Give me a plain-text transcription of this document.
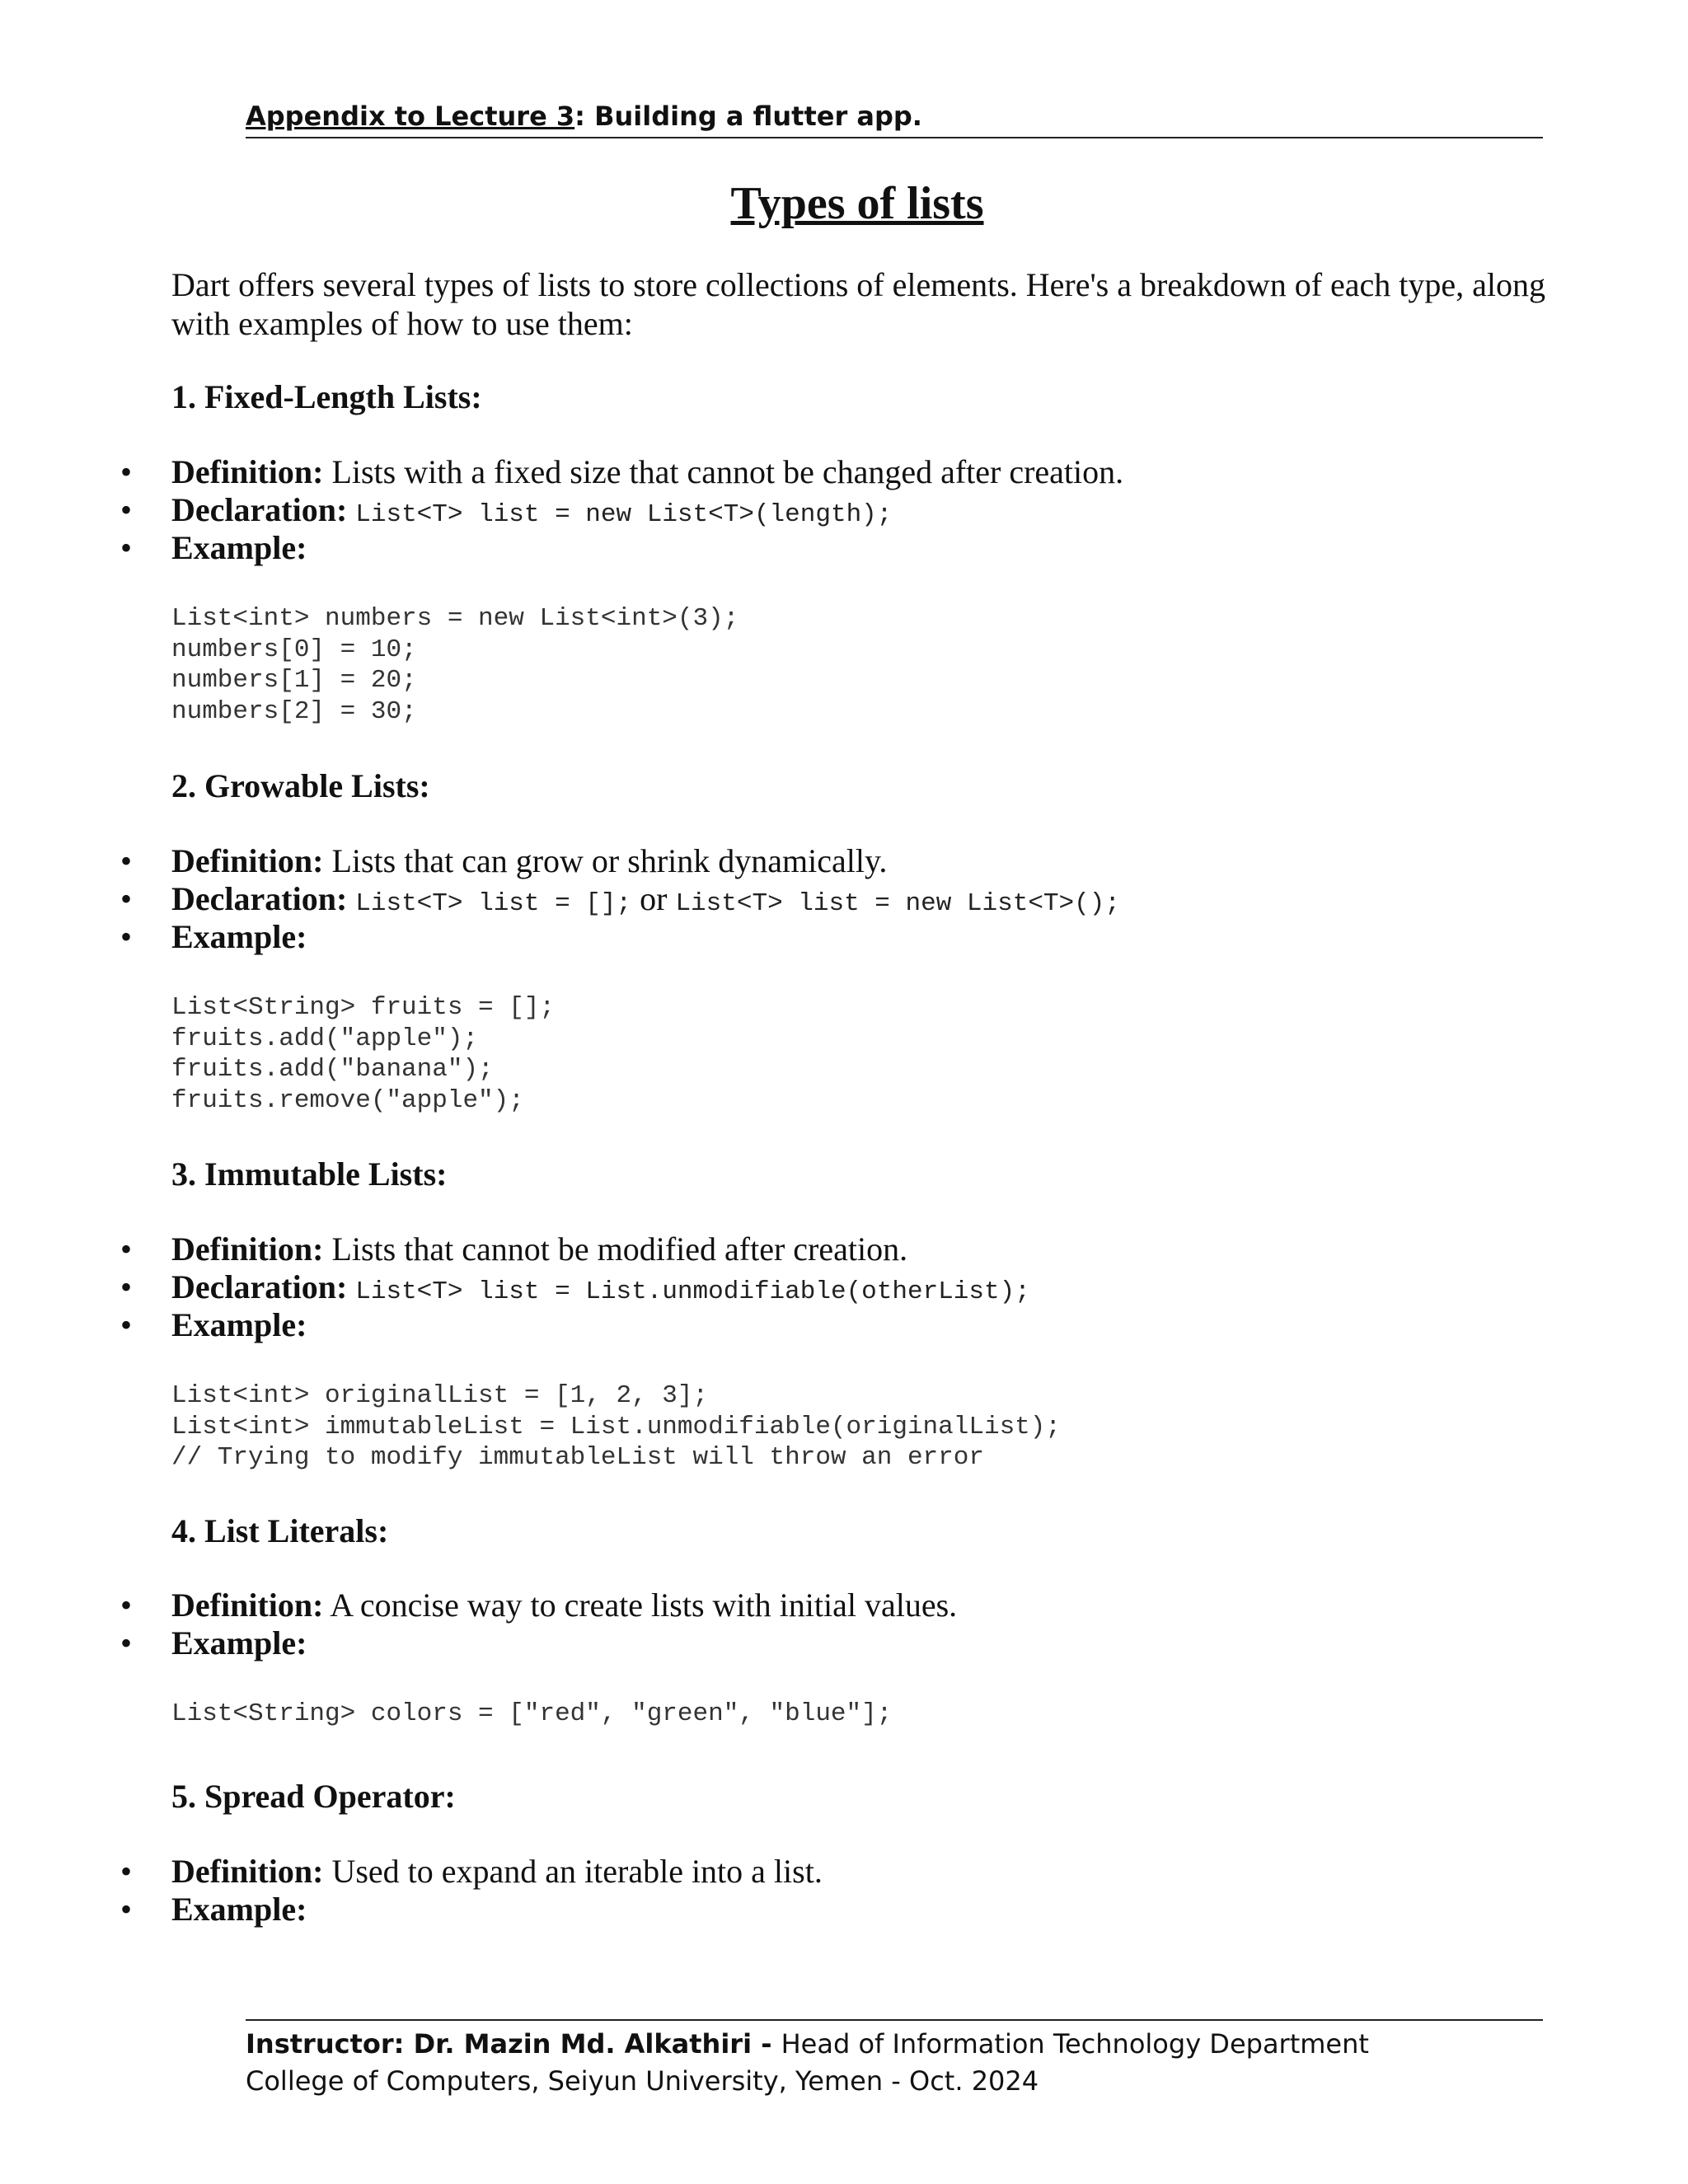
Appendix to Lecture 3: Building a flutter app.
Types of lists
Dart offers several types of lists to store collections of elements. Here's a breakdown of each type, along with examples of how to use them:
1. Fixed-Length Lists:
• Definition: Lists with a fixed size that cannot be changed after creation.
• Declaration: List<T> list = new List<T>(length);
• Example:
List<int> numbers = new List<int>(3);
numbers[0] = 10;
numbers[1] = 20;
numbers[2] = 30;
2. Growable Lists:
• Definition: Lists that can grow or shrink dynamically.
• Declaration: List<T> list = []; or List<T> list = new List<T>();
• Example:
List<String> fruits = [];
fruits.add("apple");
fruits.add("banana");
fruits.remove("apple");
3. Immutable Lists:
• Definition: Lists that cannot be modified after creation.
• Declaration: List<T> list = List.unmodifiable(otherList);
• Example:
List<int> originalList = [1, 2, 3];
List<int> immutableList = List.unmodifiable(originalList);
// Trying to modify immutableList will throw an error
4. List Literals:
• Definition: A concise way to create lists with initial values.
• Example:
List<String> colors = ["red", "green", "blue"];
5. Spread Operator:
• Definition: Used to expand an iterable into a list.
• Example:
Instructor: Dr. Mazin Md. Alkathiri - Head of Information Technology Department
College of Computers, Seiyun University, Yemen - Oct. 2024
